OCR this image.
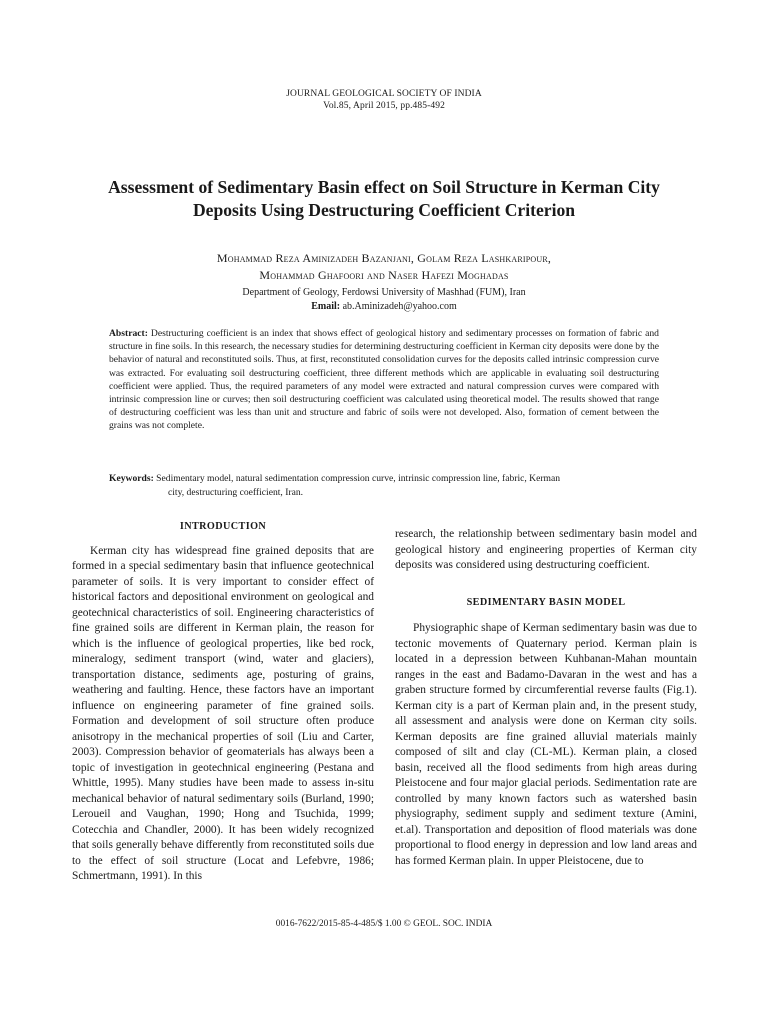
JOURNAL GEOLOGICAL SOCIETY OF INDIA
Vol.85, April 2015, pp.485-492
Assessment of Sedimentary Basin effect on Soil Structure in Kerman City Deposits Using Destructuring Coefficient Criterion
Mohammad Reza Aminizadeh Bazanjani, Golam Reza Lashkaripour,
Mohammad Ghafoori and Naser Hafezi Moghadas
Department of Geology, Ferdowsi University of Mashhad (FUM), Iran
Email: ab.Aminizadeh@yahoo.com
Abstract: Destructuring coefficient is an index that shows effect of geological history and sedimentary processes on formation of fabric and structure in fine soils. In this research, the necessary studies for determining destructuring coefficient in Kerman city deposits were done by the behavior of natural and reconstituted soils. Thus, at first, reconstituted consolidation curves for the deposits called intrinsic compression curve was extracted. For evaluating soil destructuring coefficient, three different methods which are applicable in evaluating soil destructuring coefficient were applied. Thus, the required parameters of any model were extracted and natural compression curves were compared with intrinsic compression line or curves; then soil destructuring coefficient was calculated using theoretical model. The results showed that range of destructuring coefficient was less than unit and structure and fabric of soils were not developed. Also, formation of cement between the grains was not complete.
Keywords: Sedimentary model, natural sedimentation compression curve, intrinsic compression line, fabric, Kerman
city, destructuring coefficient, Iran.
INTRODUCTION

Kerman city has widespread fine grained deposits that are formed in a special sedimentary basin that influence geotechnical parameter of soils. It is very important to consider effect of historical factors and depositional environment on geological and geotechnical characteristics of soil. Engineering characteristics of fine grained soils are different in Kerman plain, the reason for which is the influence of geological properties, like bed rock, mineralogy, sediment transport (wind, water and glaciers), transportation distance, sediments age, posturing of grains, weathering and faulting. Hence, these factors have an important influence on engineering parameter of fine grained soils. Formation and development of soil structure often produce anisotropy in the mechanical properties of soil (Liu and Carter, 2003). Compression behavior of geomaterials has always been a topic of investigation in geotechnical engineering (Pestana and Whittle, 1995). Many studies have been made to assess in-situ mechanical behavior of natural sedimentary soils (Burland, 1990; Leroueil and Vaughan, 1990; Hong and Tsuchida, 1999; Cotecchia and Chandler, 2000). It has been widely recognized that soils generally behave differently from reconstituted soils due to the effect of soil structure (Locat and Lefebvre, 1986; Schmertmann, 1991). In this

research, the relationship between sedimentary basin model and geological history and engineering properties of Kerman city deposits was considered using destructuring coefficient.

SEDIMENTARY BASIN MODEL

Physiographic shape of Kerman sedimentary basin was due to tectonic movements of Quaternary period. Kerman plain is located in a depression between Kuhbanan-Mahan mountain ranges in the east and Badamo-Davaran in the west and has a graben structure formed by circumferential reverse faults (Fig.1). Kerman city is a part of Kerman plain and, in the present study, all assessment and analysis were done on Kerman city soils. Kerman deposits are fine grained alluvial materials mainly composed of silt and clay (CL-ML). Kerman plain, a closed basin, received all the flood sediments from high areas during Pleistocene and four major glacial periods. Sedimentation rate are controlled by many known factors such as watershed basin physiography, sediment supply and sediment texture (Amini, et.al). Transportation and deposition of flood materials was done proportional to flood energy in depression and low land areas and has formed Kerman plain. In upper Pleistocene, due to

0016-7622/2015-85-4-485/$ 1.00 © GEOL. SOC. INDIA
